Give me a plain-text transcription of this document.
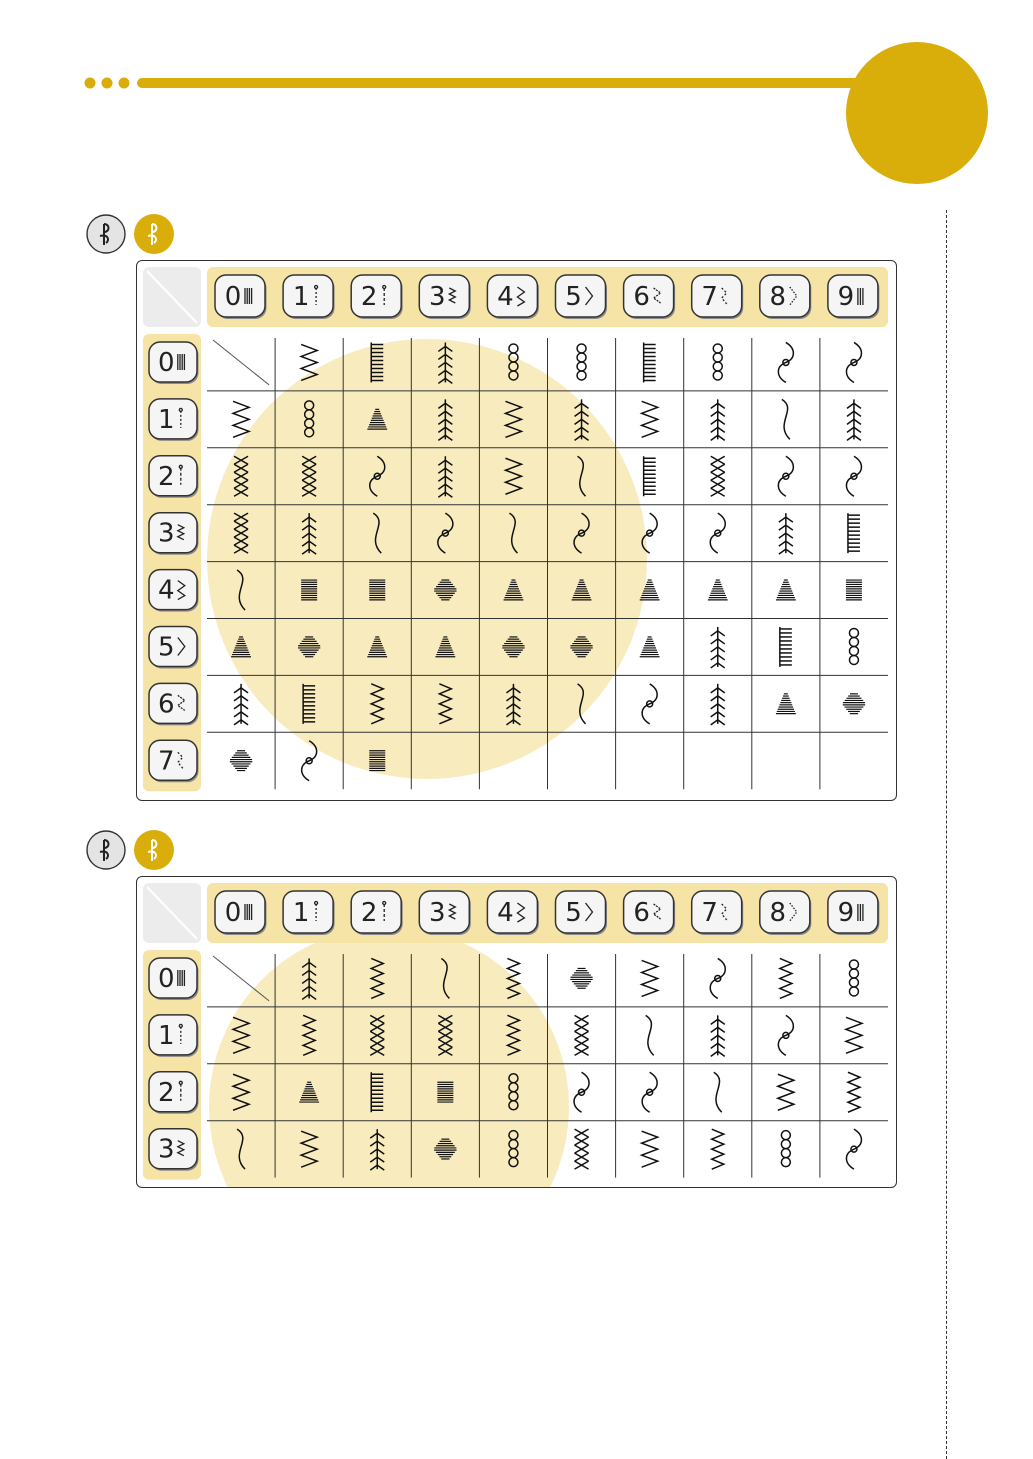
0 1 2 3 4 5 6 7 8 9
0
1
2
3
4
5
6
7
0 1 2 3 4 5 6 7 8 9
0
1
2
3
